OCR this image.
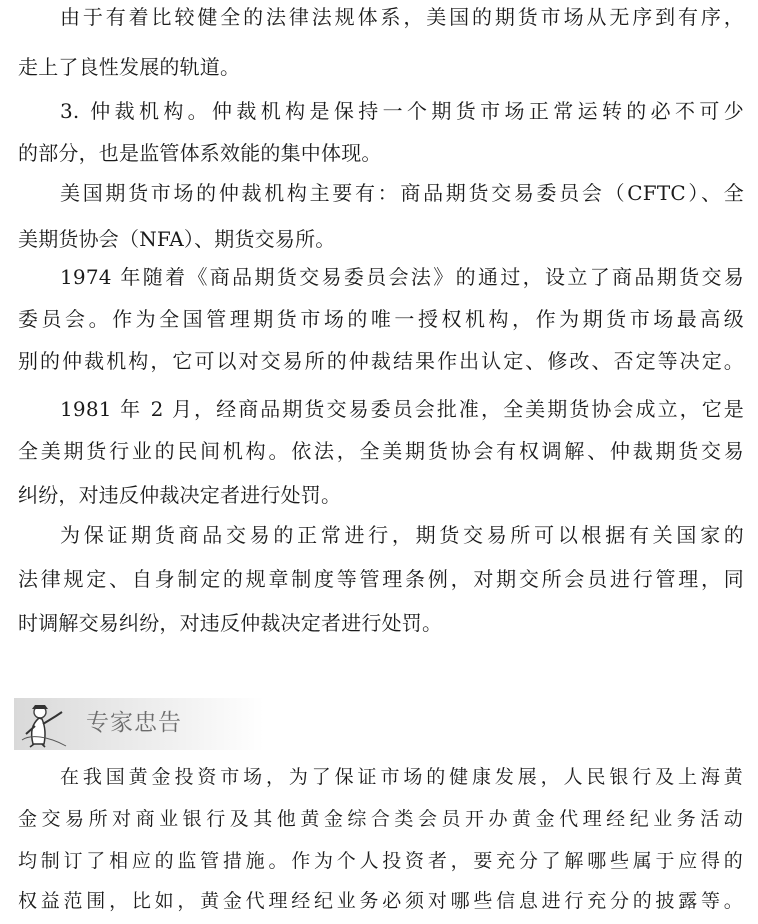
由于有着比较健全的法律法规体系，美国的期货市场从无序到有序，
走上了良性发展的轨道。
3. 仲裁机构。仲裁机构是保持一个期货市场正常运转的必不可少
的部分，也是监管体系效能的集中体现。
美国期货市场的仲裁机构主要有：商品期货交易委员会（CFTC）、全
美期货协会（NFA）、期货交易所。
1974 年随着《商品期货交易委员会法》的通过，设立了商品期货交易
委员会。作为全国管理期货市场的唯一授权机构，作为期货市场最高级
别的仲裁机构，它可以对交易所的仲裁结果作出认定、修改、否定等决定。
1981 年 2 月，经商品期货交易委员会批准，全美期货协会成立，它是
全美期货行业的民间机构。依法，全美期货协会有权调解、仲裁期货交易
纠纷，对违反仲裁决定者进行处罚。
为保证期货商品交易的正常进行，期货交易所可以根据有关国家的
法律规定、自身制定的规章制度等管理条例，对期交所会员进行管理，同
时调解交易纠纷，对违反仲裁决定者进行处罚。
专家忠告
在我国黄金投资市场，为了保证市场的健康发展，人民银行及上海黄
金交易所对商业银行及其他黄金综合类会员开办黄金代理经纪业务活动
均制订了相应的监管措施。作为个人投资者，要充分了解哪些属于应得的
权益范围，比如，黄金代理经纪业务必须对哪些信息进行充分的披露等。
